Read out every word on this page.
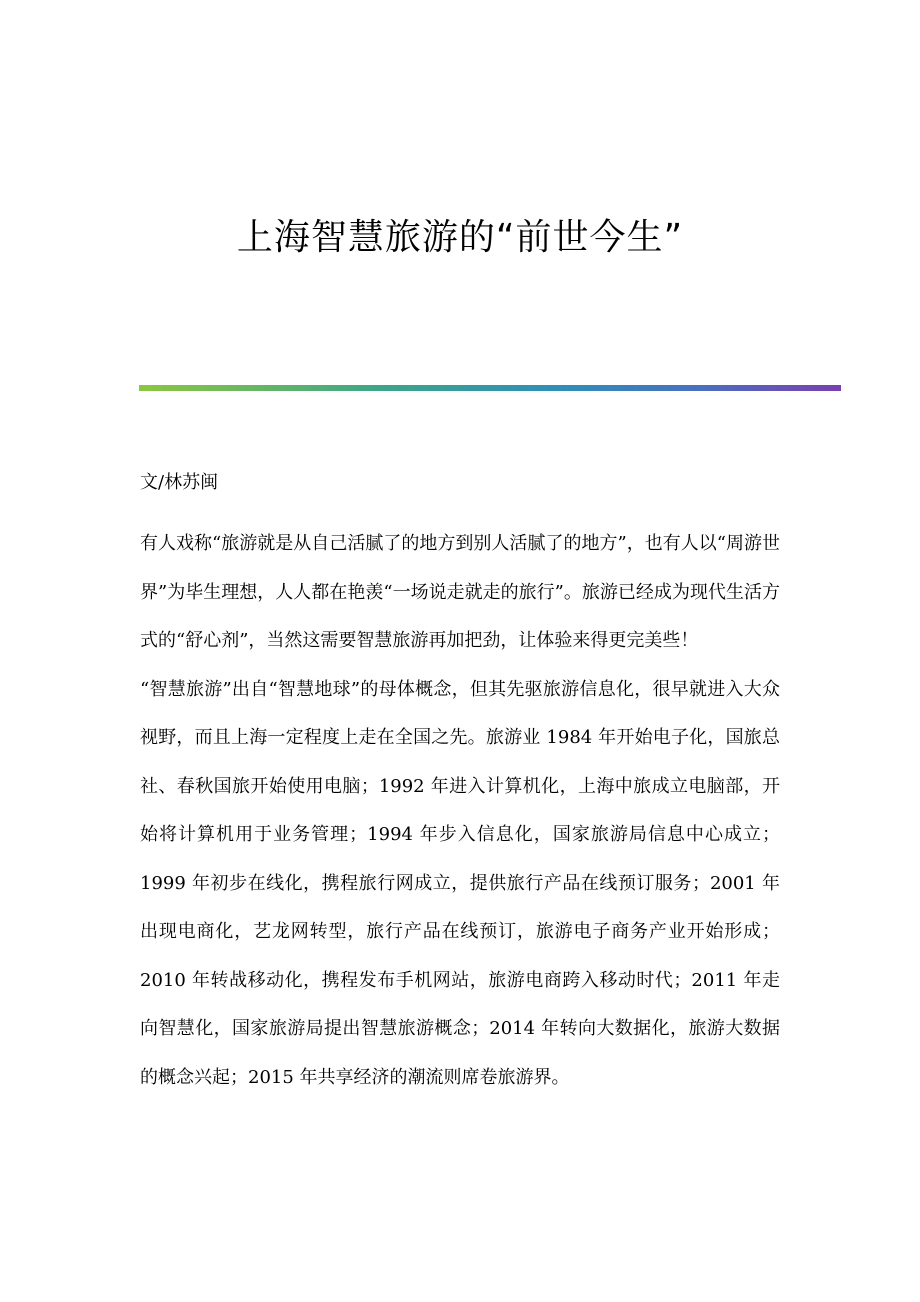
上海智慧旅游的“前世今生”

文/林苏闽

有人戏称“旅游就是从自己活腻了的地方到别人活腻了的地方”，也有人以“周游世界”为毕生理想，人人都在艳羡“一场说走就走的旅行”。旅游已经成为现代生活方式的“舒心剂”，当然这需要智慧旅游再加把劲，让体验来得更完美些！

“智慧旅游”出自“智慧地球”的母体概念，但其先驱旅游信息化，很早就进入大众视野，而且上海一定程度上走在全国之先。旅游业 1984 年开始电子化，国旅总社、春秋国旅开始使用电脑；1992 年进入计算机化，上海中旅成立电脑部，开始将计算机用于业务管理；1994 年步入信息化，国家旅游局信息中心成立；1999 年初步在线化，携程旅行网成立，提供旅行产品在线预订服务；2001 年出现电商化，艺龙网转型，旅行产品在线预订，旅游电子商务产业开始形成；2010 年转战移动化，携程发布手机网站，旅游电商跨入移动时代；2011 年走向智慧化，国家旅游局提出智慧旅游概念；2014 年转向大数据化，旅游大数据的概念兴起；2015 年共享经济的潮流则席卷旅游界。
